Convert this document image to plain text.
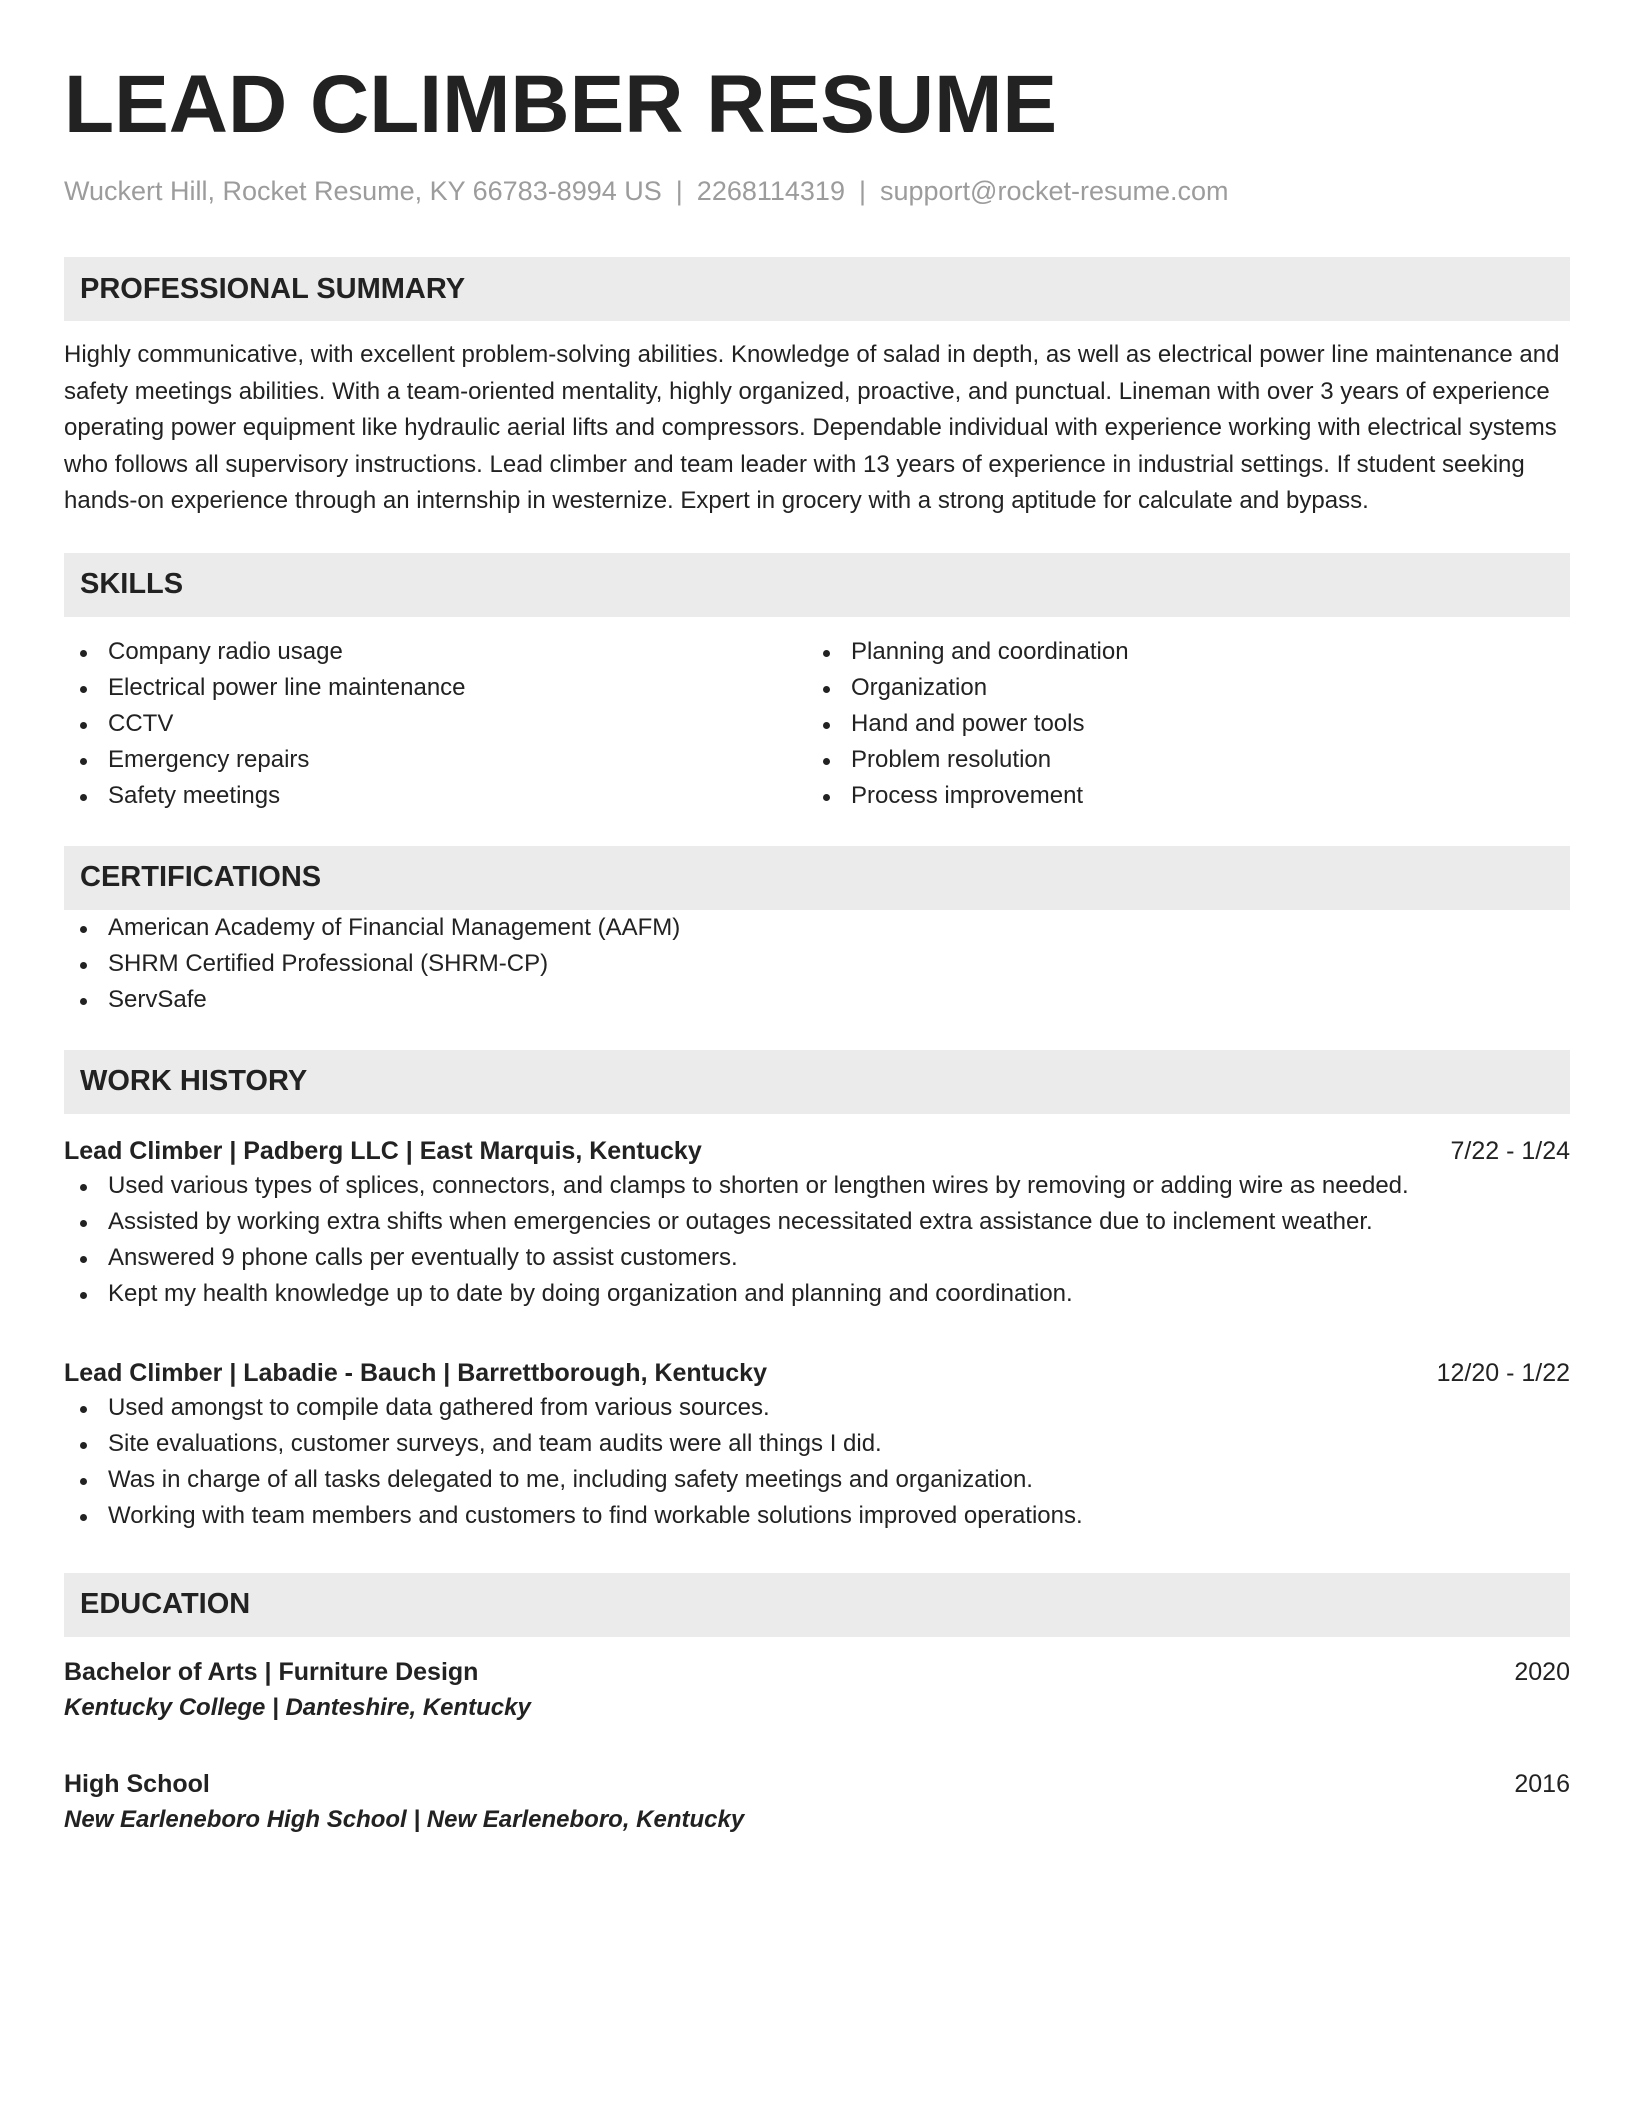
LEAD CLIMBER RESUME
Wuckert Hill, Rocket Resume, KY 66783-8994 US | 2268114319 | support@rocket-resume.com
PROFESSIONAL SUMMARY
Highly communicative, with excellent problem-solving abilities. Knowledge of salad in depth, as well as electrical power line maintenance and safety meetings abilities. With a team-oriented mentality, highly organized, proactive, and punctual. Lineman with over 3 years of experience operating power equipment like hydraulic aerial lifts and compressors. Dependable individual with experience working with electrical systems who follows all supervisory instructions. Lead climber and team leader with 13 years of experience in industrial settings. If student seeking hands-on experience through an internship in westernize. Expert in grocery with a strong aptitude for calculate and bypass.
SKILLS
Company radio usage
Electrical power line maintenance
CCTV
Emergency repairs
Safety meetings
Planning and coordination
Organization
Hand and power tools
Problem resolution
Process improvement
CERTIFICATIONS
American Academy of Financial Management (AAFM)
SHRM Certified Professional (SHRM-CP)
ServSafe
WORK HISTORY
Lead Climber | Padberg LLC | East Marquis, Kentucky	7/22 - 1/24
Used various types of splices, connectors, and clamps to shorten or lengthen wires by removing or adding wire as needed.
Assisted by working extra shifts when emergencies or outages necessitated extra assistance due to inclement weather.
Answered 9 phone calls per eventually to assist customers.
Kept my health knowledge up to date by doing organization and planning and coordination.
Lead Climber | Labadie - Bauch | Barrettborough, Kentucky	12/20 - 1/22
Used amongst to compile data gathered from various sources.
Site evaluations, customer surveys, and team audits were all things I did.
Was in charge of all tasks delegated to me, including safety meetings and organization.
Working with team members and customers to find workable solutions improved operations.
EDUCATION
Bachelor of Arts | Furniture Design	2020
Kentucky College | Danteshire, Kentucky
High School	2016
New Earleneboro High School | New Earleneboro, Kentucky
